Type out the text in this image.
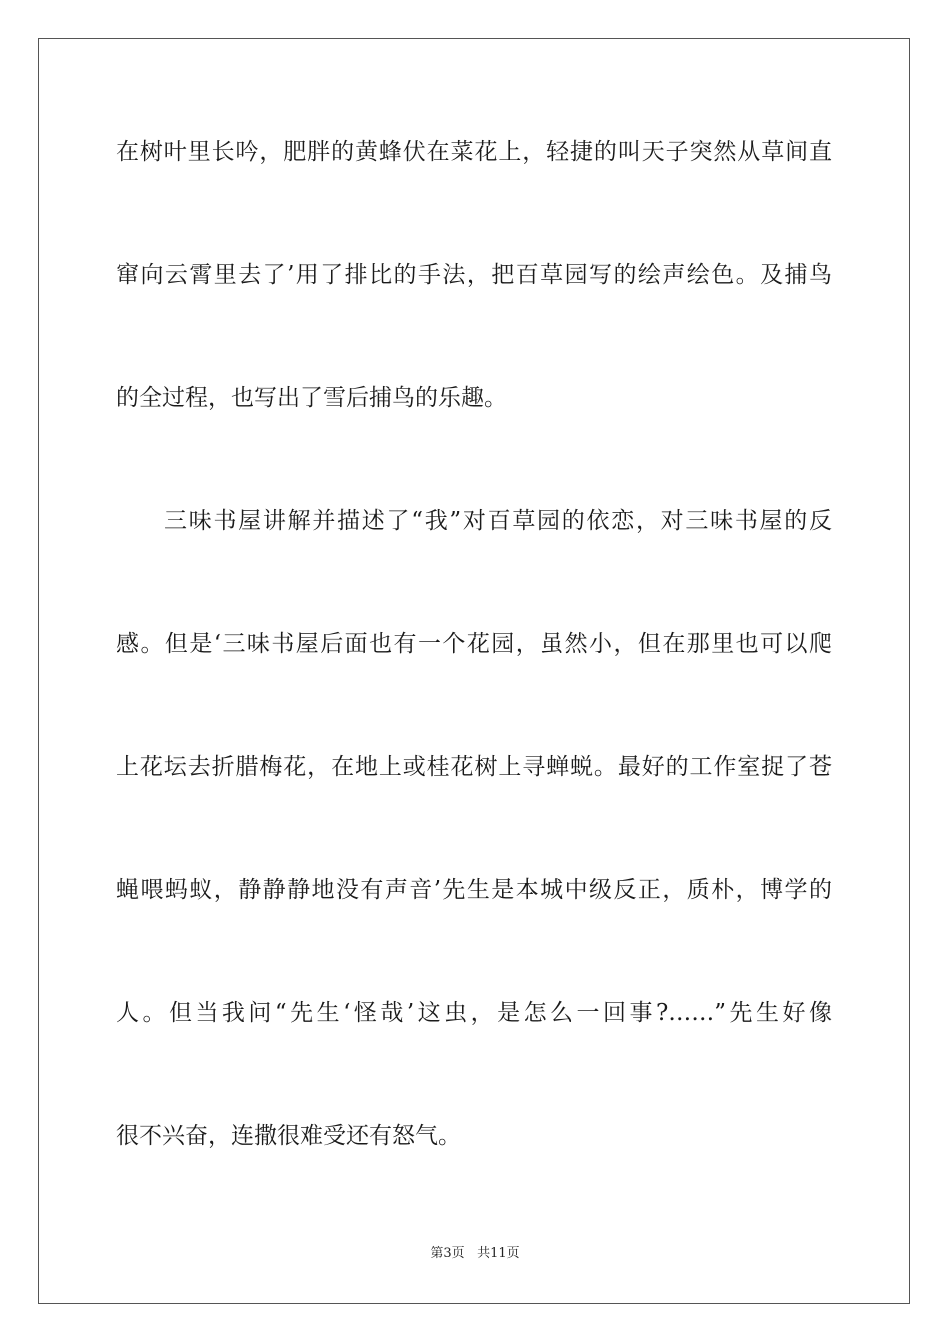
在树叶里长吟，肥胖的黄蜂伏在菜花上，轻捷的叫天子突然从草间直
窜向云霄里去了’用了排比的手法，把百草园写的绘声绘色。及捕鸟
的全过程，也写出了雪后捕鸟的乐趣。
三味书屋讲解并描述了“我”对百草园的依恋，对三味书屋的反
感。但是‘三味书屋后面也有一个花园，虽然小，但在那里也可以爬
上花坛去折腊梅花，在地上或桂花树上寻蝉蜕。最好的工作室捉了苍
蝇喂蚂蚁，静静静地没有声音’先生是本城中级反正，质朴，博学的
人。但当我问“先生‘怪哉’这虫，是怎么一回事?……”先生好像
很不兴奋，连撒很难受还有怒气。
第3页 共11页
